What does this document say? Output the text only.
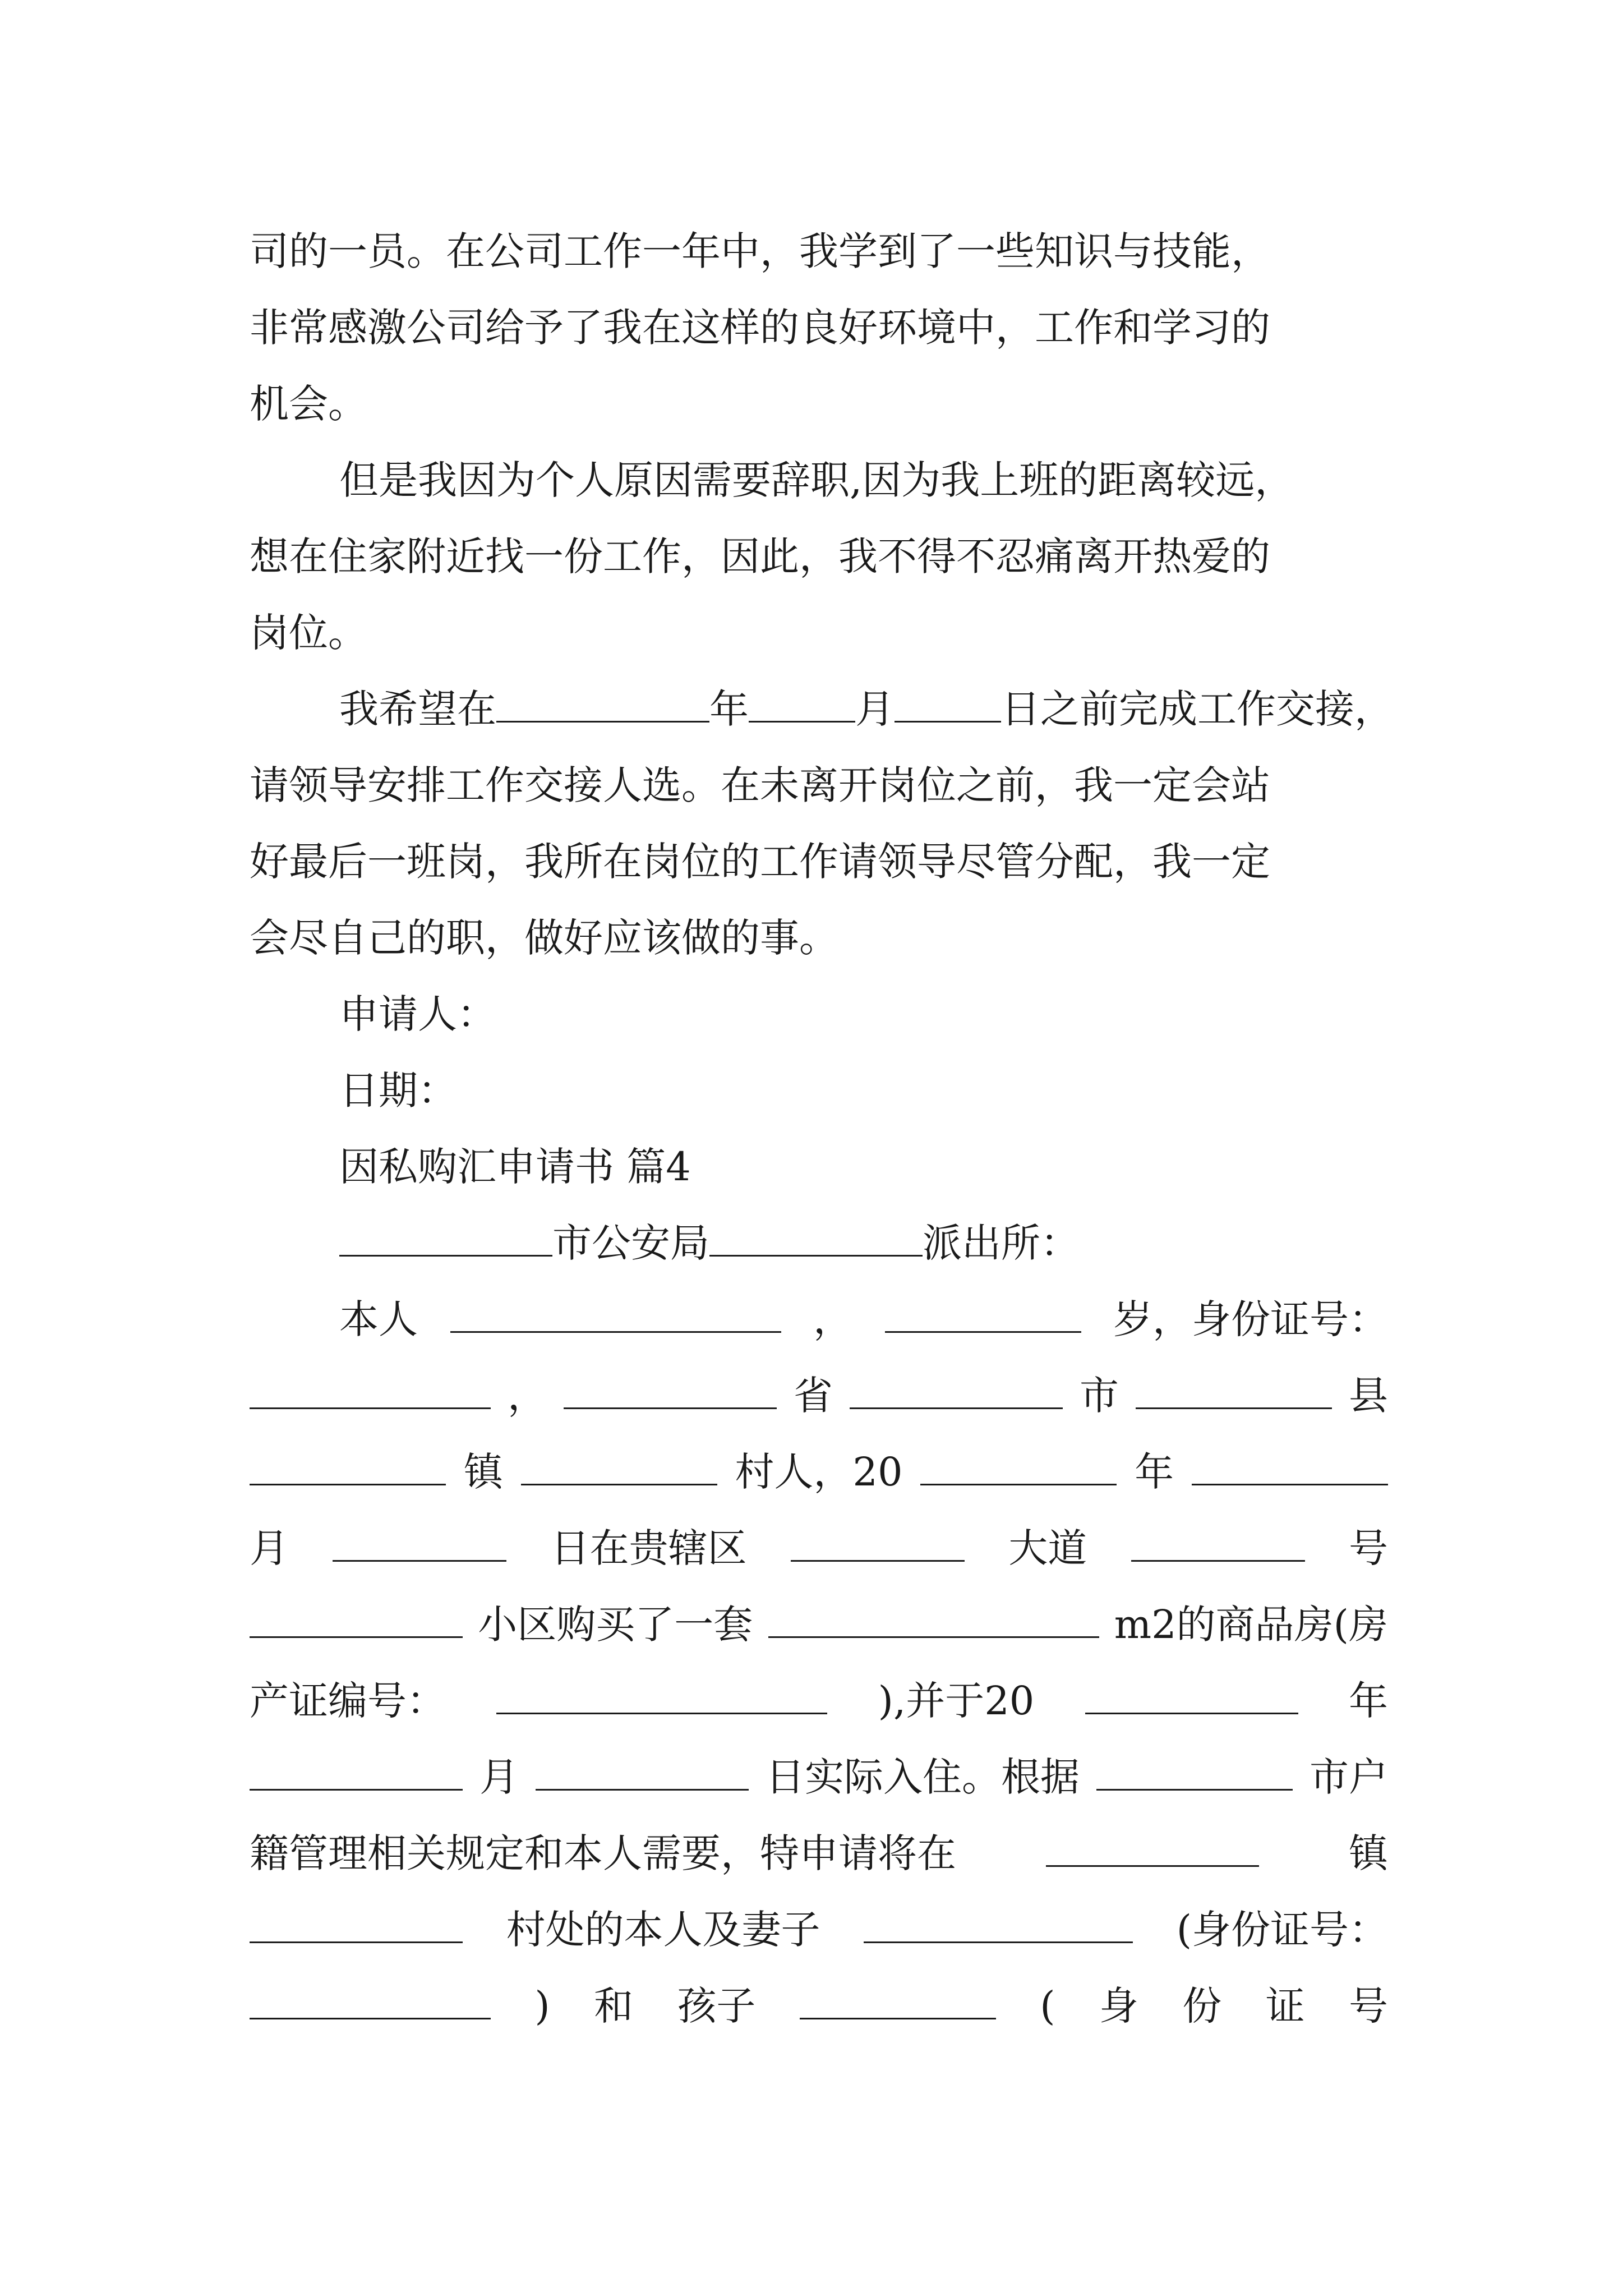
司的一员。在公司工作一年中，我学到了一些知识与技能，
非常感激公司给予了我在这样的良好环境中，工作和学习的
机会。
但是我因为个人原因需要辞职,因为我上班的距离较远，
想在住家附近找一份工作，因此，我不得不忍痛离开热爱的
岗位。
我希望在	年	月	日之前完成工作交接，
请领导安排工作交接人选。在未离开岗位之前，我一定会站
好最后一班岗，我所在岗位的工作请领导尽管分配，我一定
会尽自己的职，做好应该做的事。
申请人：
日期：
因私购汇申请书 篇4
市公安局	派出所：
本人	，	岁，身份证号：
，	省	市	县
镇	村人，20	年
月	日在贵辖区	大道	号
小区购买了一套	m2的商品房(房
产证编号：	),并于20	年
月	日实际入住。根据	市户
籍管理相关规定和本人需要，特申请将在	镇
村处的本人及妻子	(身份证号：
) 和 孩子	( 身 份 证 号
